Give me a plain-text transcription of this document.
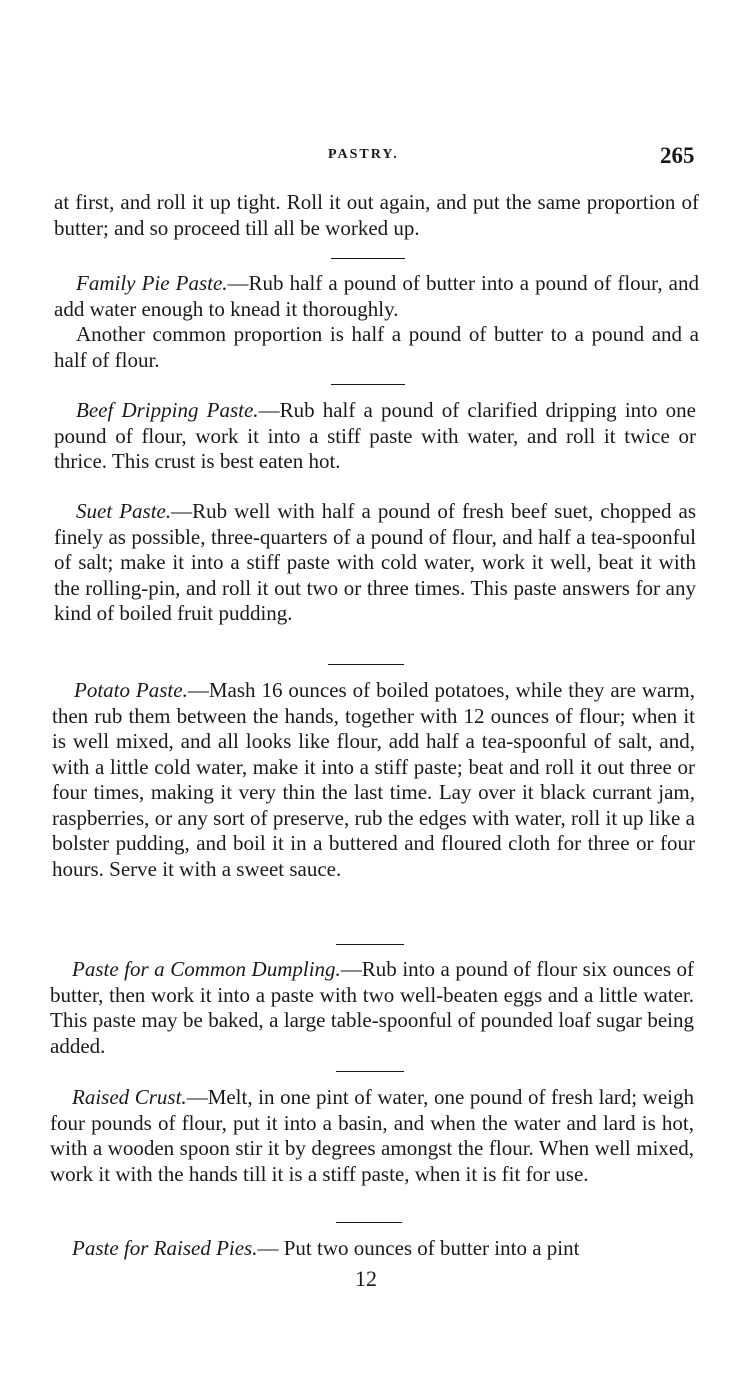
PASTRY.	265

at first, and roll it up tight. Roll it out again, and put the same proportion of butter; and so proceed till all be worked up.

Family Pie Paste.—Rub half a pound of butter into a pound of flour, and add water enough to knead it thoroughly.

Another common proportion is half a pound of butter to a pound and a half of flour.

Beef Dripping Paste.—Rub half a pound of clarified dripping into one pound of flour, work it into a stiff paste with water, and roll it twice or thrice. This crust is best eaten hot.

Suet Paste.—Rub well with half a pound of fresh beef suet, chopped as finely as possible, three-quarters of a pound of flour, and half a tea-spoonful of salt; make it into a stiff paste with cold water, work it well, beat it with the rolling-pin, and roll it out two or three times. This paste answers for any kind of boiled fruit pudding.

Potato Paste.—Mash 16 ounces of boiled potatoes, while they are warm, then rub them between the hands, together with 12 ounces of flour; when it is well mixed, and all looks like flour, add half a tea-spoonful of salt, and, with a little cold water, make it into a stiff paste; beat and roll it out three or four times, making it very thin the last time. Lay over it black currant jam, raspberries, or any sort of preserve, rub the edges with water, roll it up like a bolster pudding, and boil it in a buttered and floured cloth for three or four hours. Serve it with a sweet sauce.

Paste for a Common Dumpling.—Rub into a pound of flour six ounces of butter, then work it into a paste with two well-beaten eggs and a little water. This paste may be baked, a large table-spoonful of pounded loaf sugar being added.

Raised Crust.—Melt, in one pint of water, one pound of fresh lard; weigh four pounds of flour, put it into a basin, and when the water and lard is hot, with a wooden spoon stir it by degrees amongst the flour. When well mixed, work it with the hands till it is a stiff paste, when it is fit for use.

Paste for Raised Pies.— Put two ounces of butter into a pint

12
